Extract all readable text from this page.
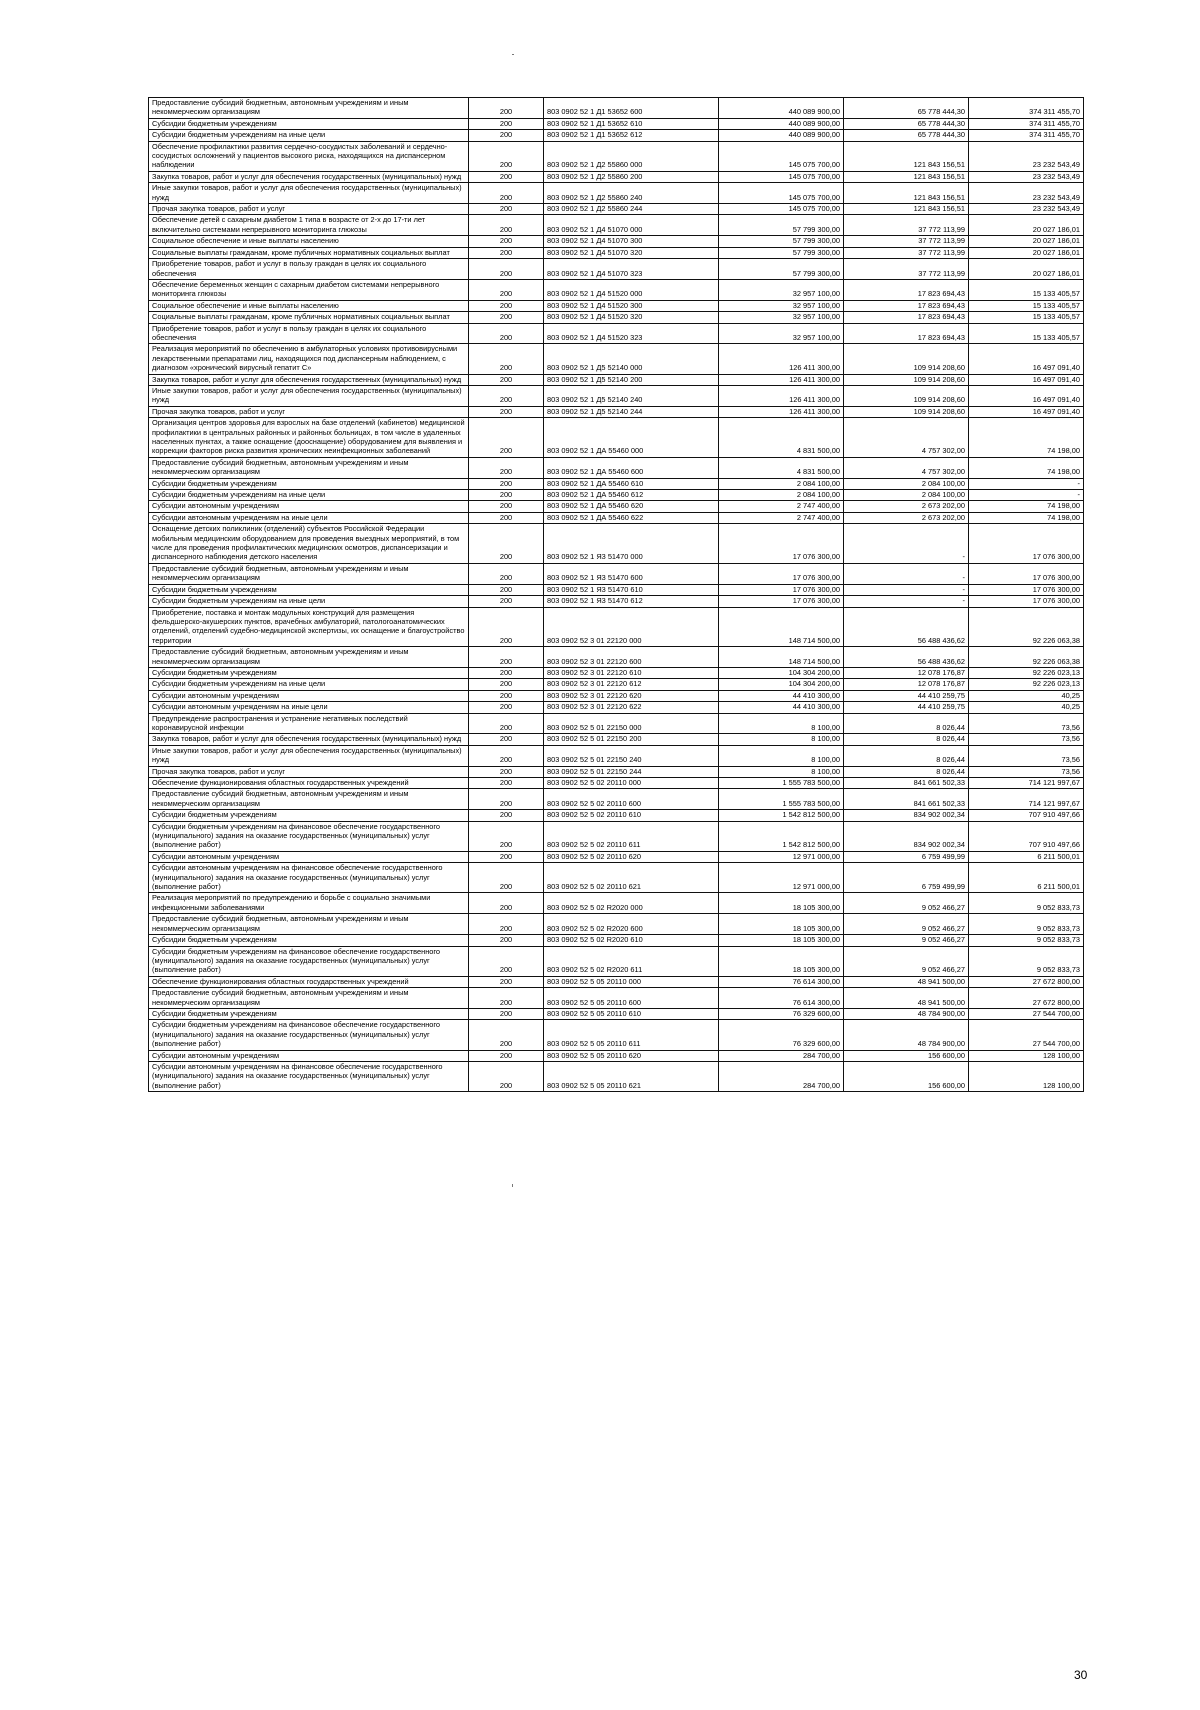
Предоставление субсидий бюджетным, автономным учреждениям и иным некоммерческим организациям	200	803 0902 52 1 Д1 53652 600	440 089 900,00	65 778 444,30	374 311 455,70
Субсидии бюджетным учреждениям	200	803 0902 52 1 Д1 53652 610	440 089 900,00	65 778 444,30	374 311 455,70
Субсидии бюджетным учреждениям на иные цели	200	803 0902 52 1 Д1 53652 612	440 089 900,00	65 778 444,30	374 311 455,70
Обеспечение профилактики развития сердечно-сосудистых заболеваний и сердечно-сосудистых осложнений у пациентов высокого риска, находящихся на диспансерном наблюдении	200	803 0902 52 1 Д2 55860 000	145 075 700,00	121 843 156,51	23 232 543,49
Закупка товаров, работ и услуг для обеспечения государственных (муниципальных) нужд	200	803 0902 52 1 Д2 55860 200	145 075 700,00	121 843 156,51	23 232 543,49
Иные закупки товаров, работ и услуг для обеспечения государственных (муниципальных) нужд	200	803 0902 52 1 Д2 55860 240	145 075 700,00	121 843 156,51	23 232 543,49
Прочая закупка товаров, работ и услуг	200	803 0902 52 1 Д2 55860 244	145 075 700,00	121 843 156,51	23 232 543,49
Обеспечение детей с сахарным диабетом 1 типа в возрасте от 2-х до 17-ти лет включительно системами непрерывного мониторинга глюкозы	200	803 0902 52 1 Д4 51070 000	57 799 300,00	37 772 113,99	20 027 186,01
Социальное обеспечение и иные выплаты населению	200	803 0902 52 1 Д4 51070 300	57 799 300,00	37 772 113,99	20 027 186,01
Социальные выплаты гражданам, кроме публичных нормативных социальных выплат	200	803 0902 52 1 Д4 51070 320	57 799 300,00	37 772 113,99	20 027 186,01
Приобретение товаров, работ и услуг в пользу граждан в целях их социального обеспечения	200	803 0902 52 1 Д4 51070 323	57 799 300,00	37 772 113,99	20 027 186,01
Обеспечение беременных женщин с сахарным диабетом системами непрерывного мониторинга глюкозы	200	803 0902 52 1 Д4 51520 000	32 957 100,00	17 823 694,43	15 133 405,57
Социальное обеспечение и иные выплаты населению	200	803 0902 52 1 Д4 51520 300	32 957 100,00	17 823 694,43	15 133 405,57
Социальные выплаты гражданам, кроме публичных нормативных социальных выплат	200	803 0902 52 1 Д4 51520 320	32 957 100,00	17 823 694,43	15 133 405,57
Приобретение товаров, работ и услуг в пользу граждан в целях их социального обеспечения	200	803 0902 52 1 Д4 51520 323	32 957 100,00	17 823 694,43	15 133 405,57
Реализация мероприятий по обеспечению в амбулаторных условиях противовирусными лекарственными препаратами лиц, находящихся под диспансерным наблюдением, с диагнозом «хронический вирусный гепатит С»	200	803 0902 52 1 Д5 52140 000	126 411 300,00	109 914 208,60	16 497 091,40
Закупка товаров, работ и услуг для обеспечения государственных (муниципальных) нужд	200	803 0902 52 1 Д5 52140 200	126 411 300,00	109 914 208,60	16 497 091,40
Иные закупки товаров, работ и услуг для обеспечения государственных (муниципальных) нужд	200	803 0902 52 1 Д5 52140 240	126 411 300,00	109 914 208,60	16 497 091,40
Прочая закупка товаров, работ и услуг	200	803 0902 52 1 Д5 52140 244	126 411 300,00	109 914 208,60	16 497 091,40
Организация центров здоровья для взрослых на базе отделений (кабинетов) медицинской профилактики в центральных районных и районных больницах, в том числе в удаленных населенных пунктах, а также оснащение (дооснащение) оборудованием для выявления и коррекции факторов риска развития хронических неинфекционных заболеваний	200	803 0902 52 1 ДА 55460 000	4 831 500,00	4 757 302,00	74 198,00
Предоставление субсидий бюджетным, автономным учреждениям и иным некоммерческим организациям	200	803 0902 52 1 ДА 55460 600	4 831 500,00	4 757 302,00	74 198,00
Субсидии бюджетным учреждениям	200	803 0902 52 1 ДА 55460 610	2 084 100,00	2 084 100,00	-
Субсидии бюджетным учреждениям на иные цели	200	803 0902 52 1 ДА 55460 612	2 084 100,00	2 084 100,00	-
Субсидии автономным учреждениям	200	803 0902 52 1 ДА 55460 620	2 747 400,00	2 673 202,00	74 198,00
Субсидии автономным учреждениям на иные цели	200	803 0902 52 1 ДА 55460 622	2 747 400,00	2 673 202,00	74 198,00
Оснащение детских поликлиник (отделений) субъектов Российской Федерации мобильным медицинским оборудованием для проведения выездных мероприятий, в том числе для проведения профилактических медицинских осмотров, диспансеризации и диспансерного наблюдения детского населения	200	803 0902 52 1 Я3 51470 000	17 076 300,00	-	17 076 300,00
Предоставление субсидий бюджетным, автономным учреждениям и иным некоммерческим организациям	200	803 0902 52 1 Я3 51470 600	17 076 300,00	-	17 076 300,00
Субсидии бюджетным учреждениям	200	803 0902 52 1 Я3 51470 610	17 076 300,00	-	17 076 300,00
Субсидии бюджетным учреждениям на иные цели	200	803 0902 52 1 Я3 51470 612	17 076 300,00	-	17 076 300,00
Приобретение, поставка и монтаж модульных конструкций для размещения фельдшерско-акушерских пунктов, врачебных амбулаторий, патологоанатомических отделений, отделений судебно-медицинской экспертизы, их оснащение и благоустройство территории	200	803 0902 52 3 01 22120 000	148 714 500,00	56 488 436,62	92 226 063,38
Предоставление субсидий бюджетным, автономным учреждениям и иным некоммерческим организациям	200	803 0902 52 3 01 22120 600	148 714 500,00	56 488 436,62	92 226 063,38
Субсидии бюджетным учреждениям	200	803 0902 52 3 01 22120 610	104 304 200,00	12 078 176,87	92 226 023,13
Субсидии бюджетным учреждениям на иные цели	200	803 0902 52 3 01 22120 612	104 304 200,00	12 078 176,87	92 226 023,13
Субсидии автономным учреждениям	200	803 0902 52 3 01 22120 620	44 410 300,00	44 410 259,75	40,25
Субсидии автономным учреждениям на иные цели	200	803 0902 52 3 01 22120 622	44 410 300,00	44 410 259,75	40,25
Предупреждение распространения и устранение негативных последствий коронавирусной инфекции	200	803 0902 52 5 01 22150 000	8 100,00	8 026,44	73,56
Закупка товаров, работ и услуг для обеспечения государственных (муниципальных) нужд	200	803 0902 52 5 01 22150 200	8 100,00	8 026,44	73,56
Иные закупки товаров, работ и услуг для обеспечения государственных (муниципальных) нужд	200	803 0902 52 5 01 22150 240	8 100,00	8 026,44	73,56
Прочая закупка товаров, работ и услуг	200	803 0902 52 5 01 22150 244	8 100,00	8 026,44	73,56
Обеспечение функционирования областных государственных учреждений	200	803 0902 52 5 02 20110 000	1 555 783 500,00	841 661 502,33	714 121 997,67
Предоставление субсидий бюджетным, автономным учреждениям и иным некоммерческим организациям	200	803 0902 52 5 02 20110 600	1 555 783 500,00	841 661 502,33	714 121 997,67
Субсидии бюджетным учреждениям	200	803 0902 52 5 02 20110 610	1 542 812 500,00	834 902 002,34	707 910 497,66
Субсидии бюджетным учреждениям на финансовое обеспечение государственного (муниципального) задания на оказание государственных (муниципальных) услуг (выполнение работ)	200	803 0902 52 5 02 20110 611	1 542 812 500,00	834 902 002,34	707 910 497,66
Субсидии автономным учреждениям	200	803 0902 52 5 02 20110 620	12 971 000,00	6 759 499,99	6 211 500,01
Субсидии автономным учреждениям на финансовое обеспечение государственного (муниципального) задания на оказание государственных (муниципальных) услуг (выполнение работ)	200	803 0902 52 5 02 20110 621	12 971 000,00	6 759 499,99	6 211 500,01
Реализация мероприятий по предупреждению и борьбе с социально значимыми инфекционными заболеваниями	200	803 0902 52 5 02 R2020 000	18 105 300,00	9 052 466,27	9 052 833,73
Предоставление субсидий бюджетным, автономным учреждениям и иным некоммерческим организациям	200	803 0902 52 5 02 R2020 600	18 105 300,00	9 052 466,27	9 052 833,73
Субсидии бюджетным учреждениям	200	803 0902 52 5 02 R2020 610	18 105 300,00	9 052 466,27	9 052 833,73
Субсидии бюджетным учреждениям на финансовое обеспечение государственного (муниципального) задания на оказание государственных (муниципальных) услуг (выполнение работ)	200	803 0902 52 5 02 R2020 611	18 105 300,00	9 052 466,27	9 052 833,73
Обеспечение функционирования областных государственных учреждений	200	803 0902 52 5 05 20110 000	76 614 300,00	48 941 500,00	27 672 800,00
Предоставление субсидий бюджетным, автономным учреждениям и иным некоммерческим организациям	200	803 0902 52 5 05 20110 600	76 614 300,00	48 941 500,00	27 672 800,00
Субсидии бюджетным учреждениям	200	803 0902 52 5 05 20110 610	76 329 600,00	48 784 900,00	27 544 700,00
Субсидии бюджетным учреждениям на финансовое обеспечение государственного (муниципального) задания на оказание государственных (муниципальных) услуг (выполнение работ)	200	803 0902 52 5 05 20110 611	76 329 600,00	48 784 900,00	27 544 700,00
Субсидии автономным учреждениям	200	803 0902 52 5 05 20110 620	284 700,00	156 600,00	128 100,00
Субсидии автономным учреждениям на финансовое обеспечение государственного (муниципального) задания на оказание государственных (муниципальных) услуг (выполнение работ)	200	803 0902 52 5 05 20110 621	284 700,00	156 600,00	128 100,00
30
